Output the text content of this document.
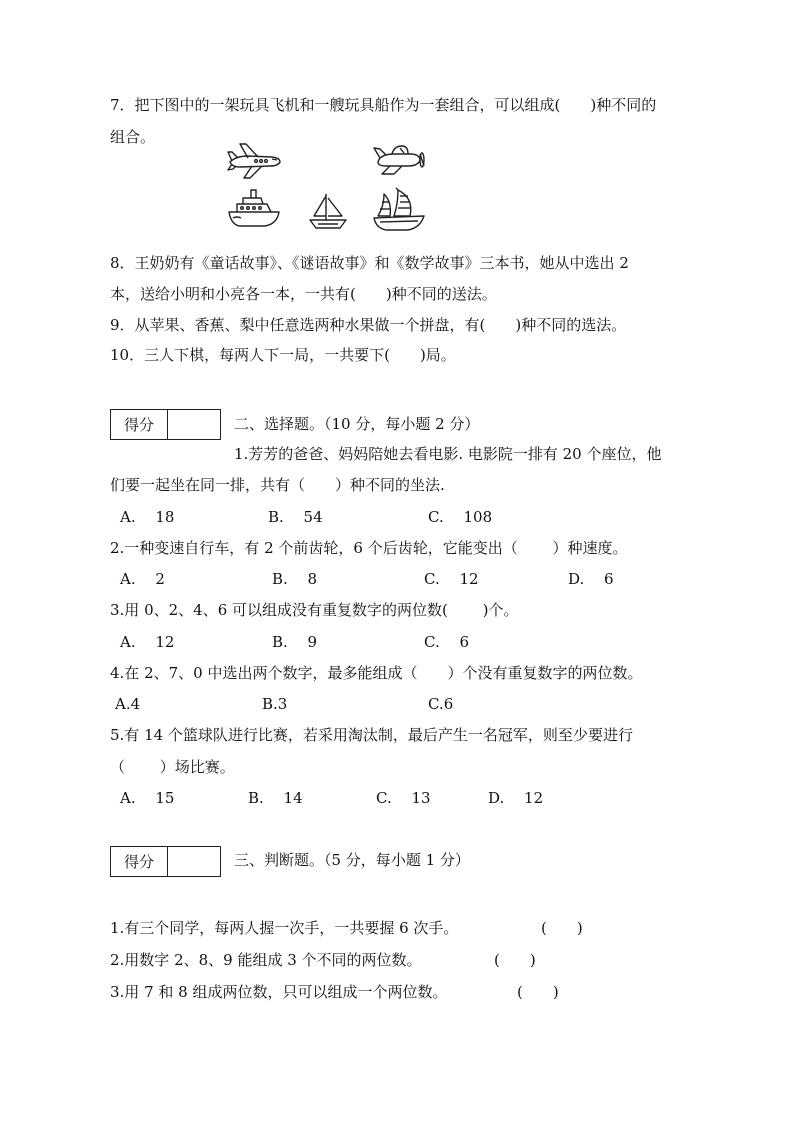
7．把下图中的一架玩具飞机和一艘玩具船作为一套组合，可以组成(　　)种不同的
组合。
8．王奶奶有《童话故事》、《谜语故事》和《数学故事》三本书，她从中选出 2
本，送给小明和小亮各一本，一共有(　　)种不同的送法。
9．从苹果、香蕉、梨中任意选两种水果做一个拼盘，有(　　)种不同的选法。
10．三人下棋，每两人下一局，一共要下(　　)局。
得分	二、选择题。（10 分，每小题 2 分）
1.芳芳的爸爸、妈妈陪她去看电影. 电影院一排有 20 个座位，他
们要一起坐在同一排，共有（　　）种不同的坐法.
A.　 18	B.　 54	C.　 108
2.一种变速自行车，有 2 个前齿轮，6 个后齿轮，它能变出（　　 ）种速度。
A.　 2	B.　 8	C.　 12	D.　 6
3.用 0、2、4、6 可以组成没有重复数字的两位数(　　 )个。
A.　 12	B.　 9	C.　 6
4.在 2、7、0 中选出两个数字，最多能组成（　　）个没有重复数字的两位数。
A.4	B.3	C.6
5.有 14 个篮球队进行比赛，若采用淘汰制，最后产生一名冠军，则至少要进行
（　　 ）场比赛。
A.　 15	B.　 14	C.　 13	D.　 12
得分	三、判断题。（5 分，每小题 1 分）
1.有三个同学，每两人握一次手，一共要握 6 次手。	(　　)
2.用数字 2、8、9 能组成 3 个不同的两位数。	(　　)
3.用 7 和 8 组成两位数，只可以组成一个两位数。	(　　)
